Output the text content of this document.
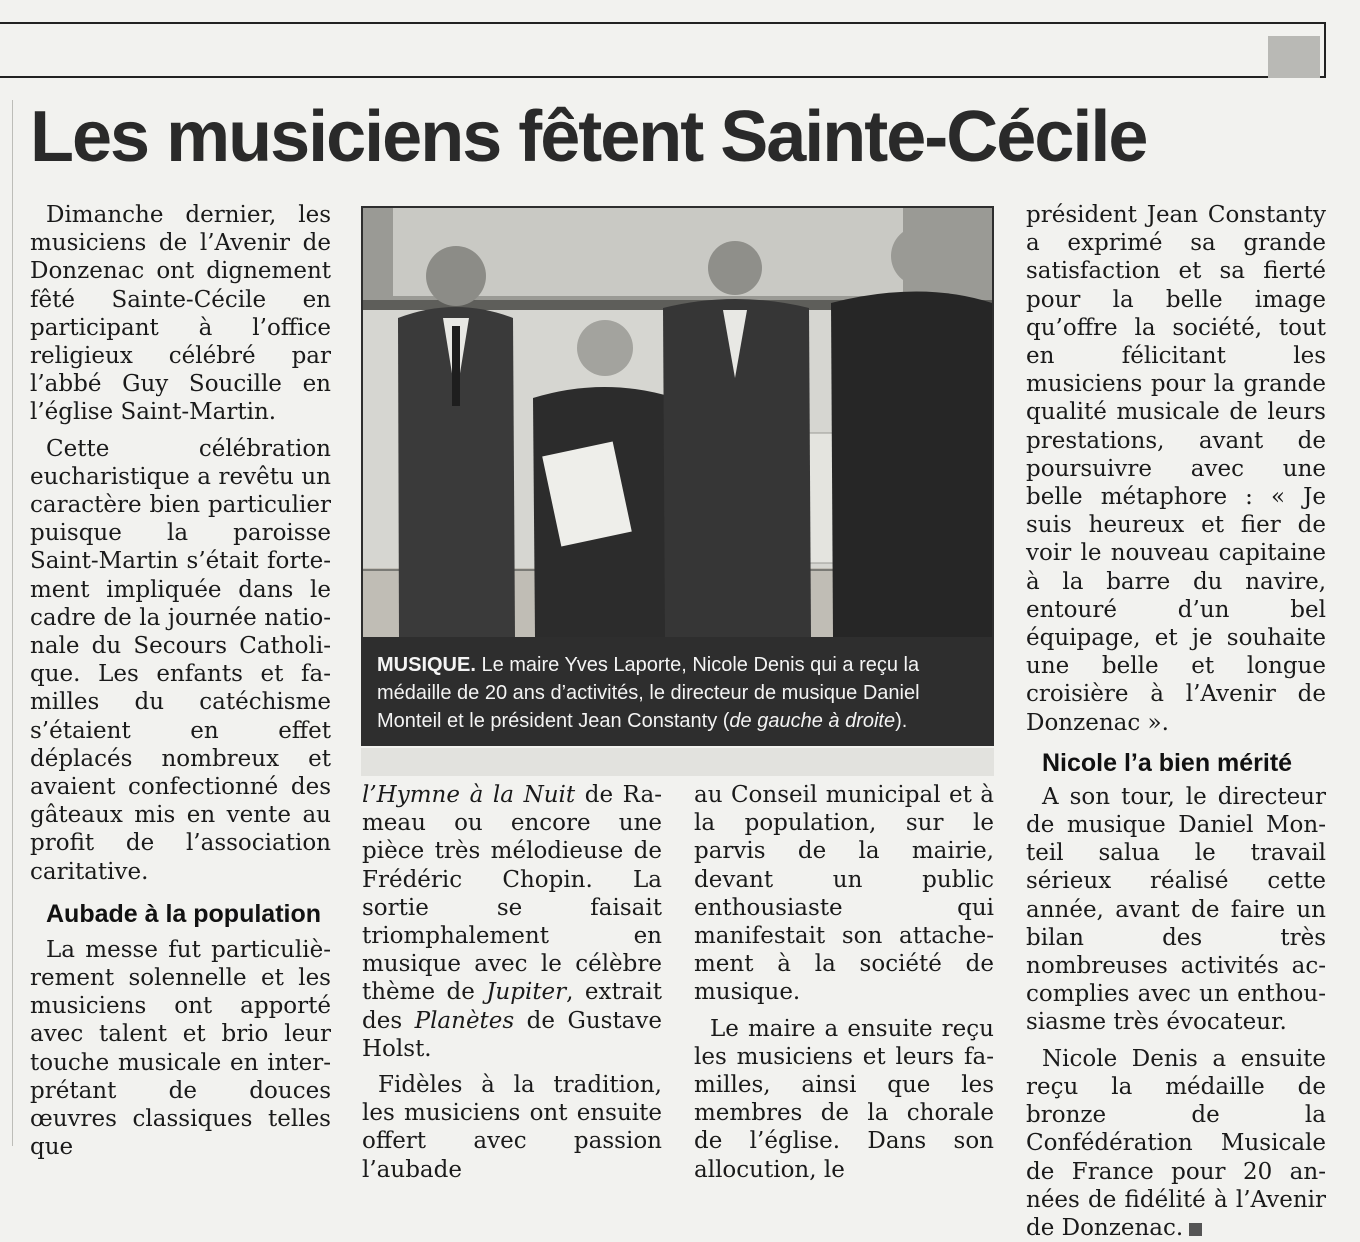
Les musiciens fêtent Sainte-Cécile

Dimanche dernier, les musiciens de l’Avenir de Donzenac ont dignement fêté Sainte-Cécile en participant à l’office religieux célébré par l’abbé Guy Soucille en l’église Saint-Martin.

Cette célébration eucharistique a revêtu un caractère bien particulier puisque la paroisse Saint-Martin s’était fortement impliquée dans le cadre de la journée nationale du Secours Catholique. Les enfants et familles du catéchisme s’étaient en effet déplacés nombreux et avaient confectionné des gâteaux mis en vente au profit de l’association caritative.

Aubade à la population

La messe fut particulièrement solennelle et les musiciens ont apporté avec talent et brio leur touche musicale en interprétant de douces œuvres classiques telles que

MUSIQUE. Le maire Yves Laporte, Nicole Denis qui a reçu la médaille de 20 ans d’activités, le directeur de musique Daniel Monteil et le président Jean Constanty (de gauche à droite).

l’Hymne à la Nuit de Rameau ou encore une pièce très mélodieuse de Frédéric Chopin. La sortie se faisait triomphalement en musique avec le célèbre thème de Jupiter, extrait des Planètes de Gustave Holst.

Fidèles à la tradition, les musiciens ont ensuite offert avec passion l’aubade

au Conseil municipal et à la population, sur le parvis de la mairie, devant un public enthousiaste qui manifestait son attachement à la société de musique.

Le maire a ensuite reçu les musiciens et leurs familles, ainsi que les membres de la chorale de l’église. Dans son allocution, le

président Jean Constanty a exprimé sa grande satisfaction et sa fierté pour la belle image qu’offre la société, tout en félicitant les musiciens pour la grande qualité musicale de leurs prestations, avant de poursuivre avec une belle métaphore : « Je suis heureux et fier de voir le nouveau capitaine à la barre du navire, entouré d’un bel équipage, et je souhaite une belle et longue croisière à l’Avenir de Donzenac ».

Nicole l’a bien mérité

A son tour, le directeur de musique Daniel Monteil salua le travail sérieux réalisé cette année, avant de faire un bilan des très nombreuses activités accomplies avec un enthousiasme très évocateur.

Nicole Denis a ensuite reçu la médaille de bronze de la Confédération Musicale de France pour 20 années de fidélité à l’Avenir de Donzenac.
